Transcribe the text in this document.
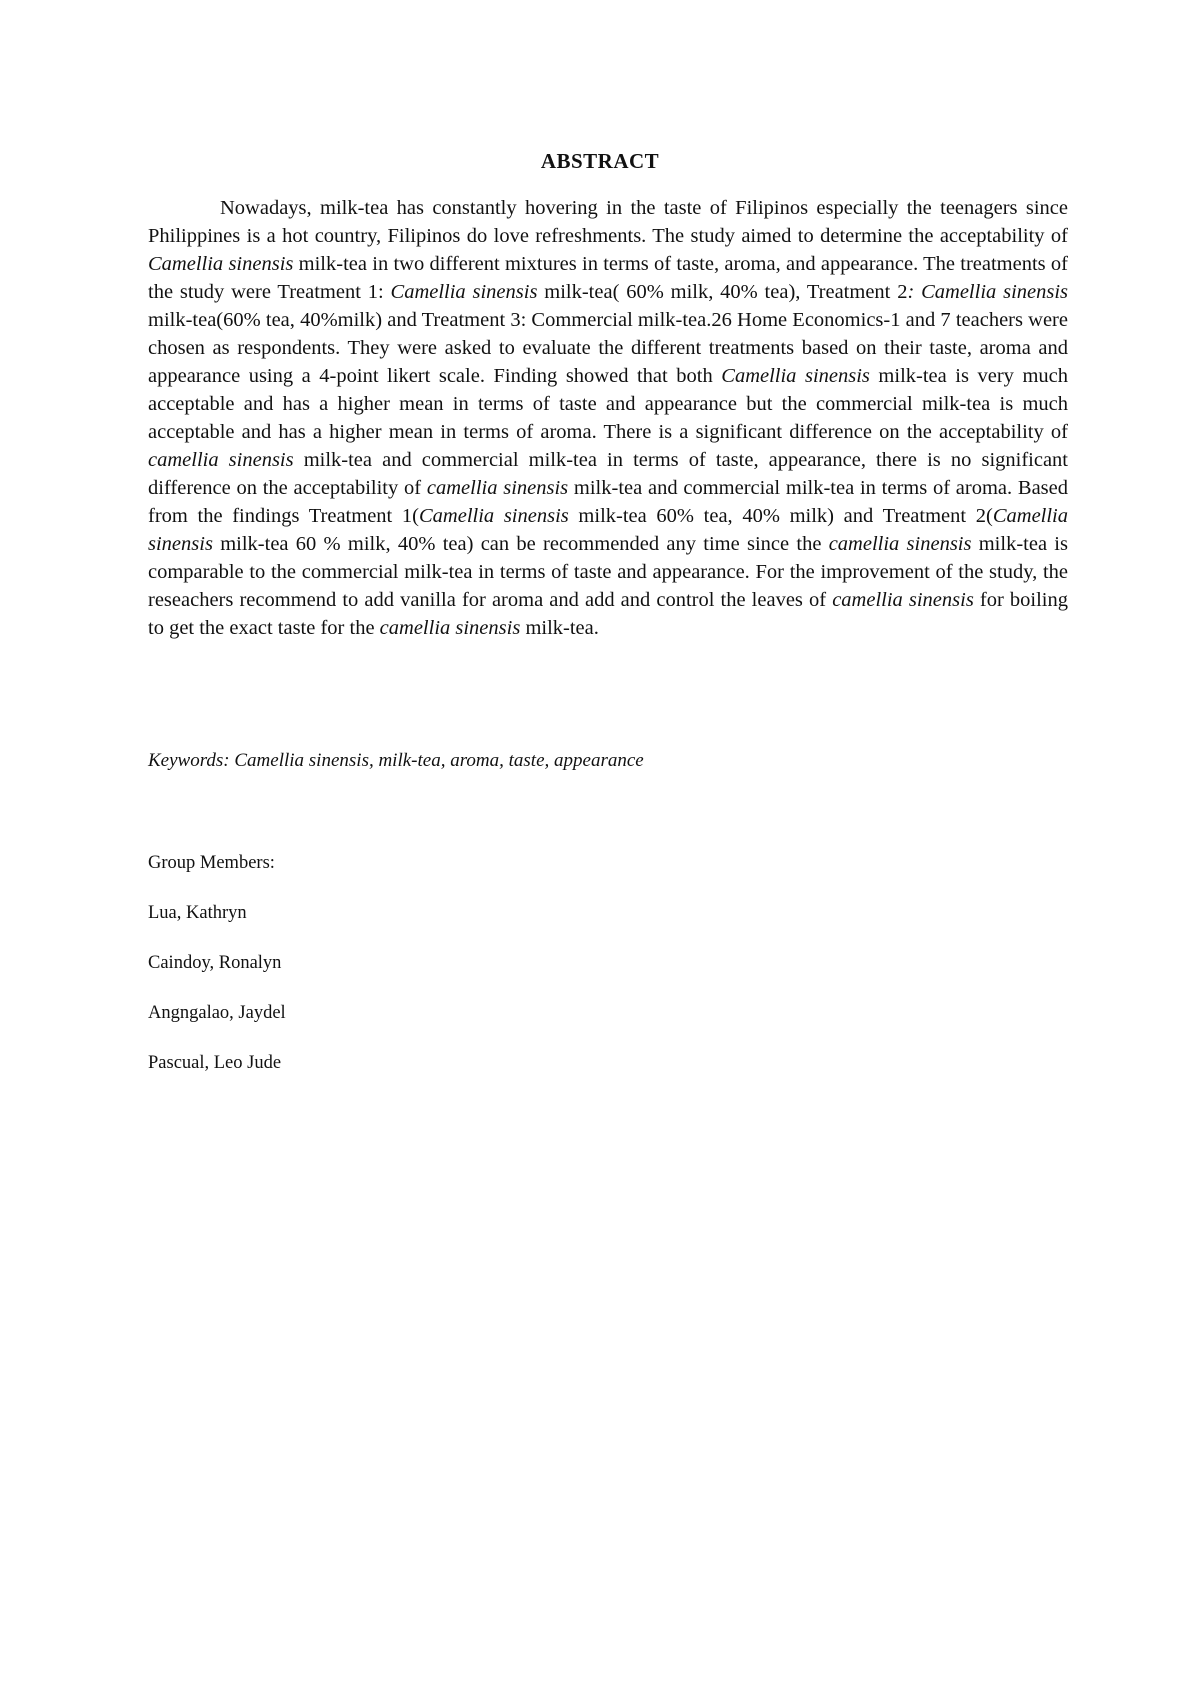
ABSTRACT

Nowadays, milk-tea has constantly hovering in the taste of Filipinos especially the teenagers since Philippines is a hot country, Filipinos do love refreshments. The study aimed to determine the acceptability of Camellia sinensis milk-tea in two different mixtures in terms of taste, aroma, and appearance. The treatments of the study were Treatment 1: Camellia sinensis milk-tea( 60% milk, 40% tea), Treatment 2: Camellia sinensis milk-tea(60% tea, 40%milk) and Treatment 3: Commercial milk-tea.26 Home Economics-1 and 7 teachers were chosen as respondents. They were asked to evaluate the different treatments based on their taste, aroma and appearance using a 4-point likert scale. Finding showed that both Camellia sinensis milk-tea is very much acceptable and has a higher mean in terms of taste and appearance but the commercial milk-tea is much acceptable and has a higher mean in terms of aroma. There is a significant difference on the acceptability of camellia sinensis milk-tea and commercial milk-tea in terms of taste, appearance, there is no significant difference on the acceptability of camellia sinensis milk-tea and commercial milk-tea in terms of aroma. Based from the findings Treatment 1(Camellia sinensis milk-tea 60% tea, 40% milk) and Treatment 2(Camellia sinensis milk-tea 60 % milk, 40% tea) can be recommended any time since the camellia sinensis milk-tea is comparable to the commercial milk-tea in terms of taste and appearance. For the improvement of the study, the reseachers recommend to add vanilla for aroma and add and control the leaves of camellia sinensis for boiling to get the exact taste for the camellia sinensis milk-tea.

Keywords: Camellia sinensis, milk-tea, aroma, taste, appearance

Group Members:
Lua, Kathryn
Caindoy, Ronalyn
Angngalao, Jaydel
Pascual, Leo Jude
